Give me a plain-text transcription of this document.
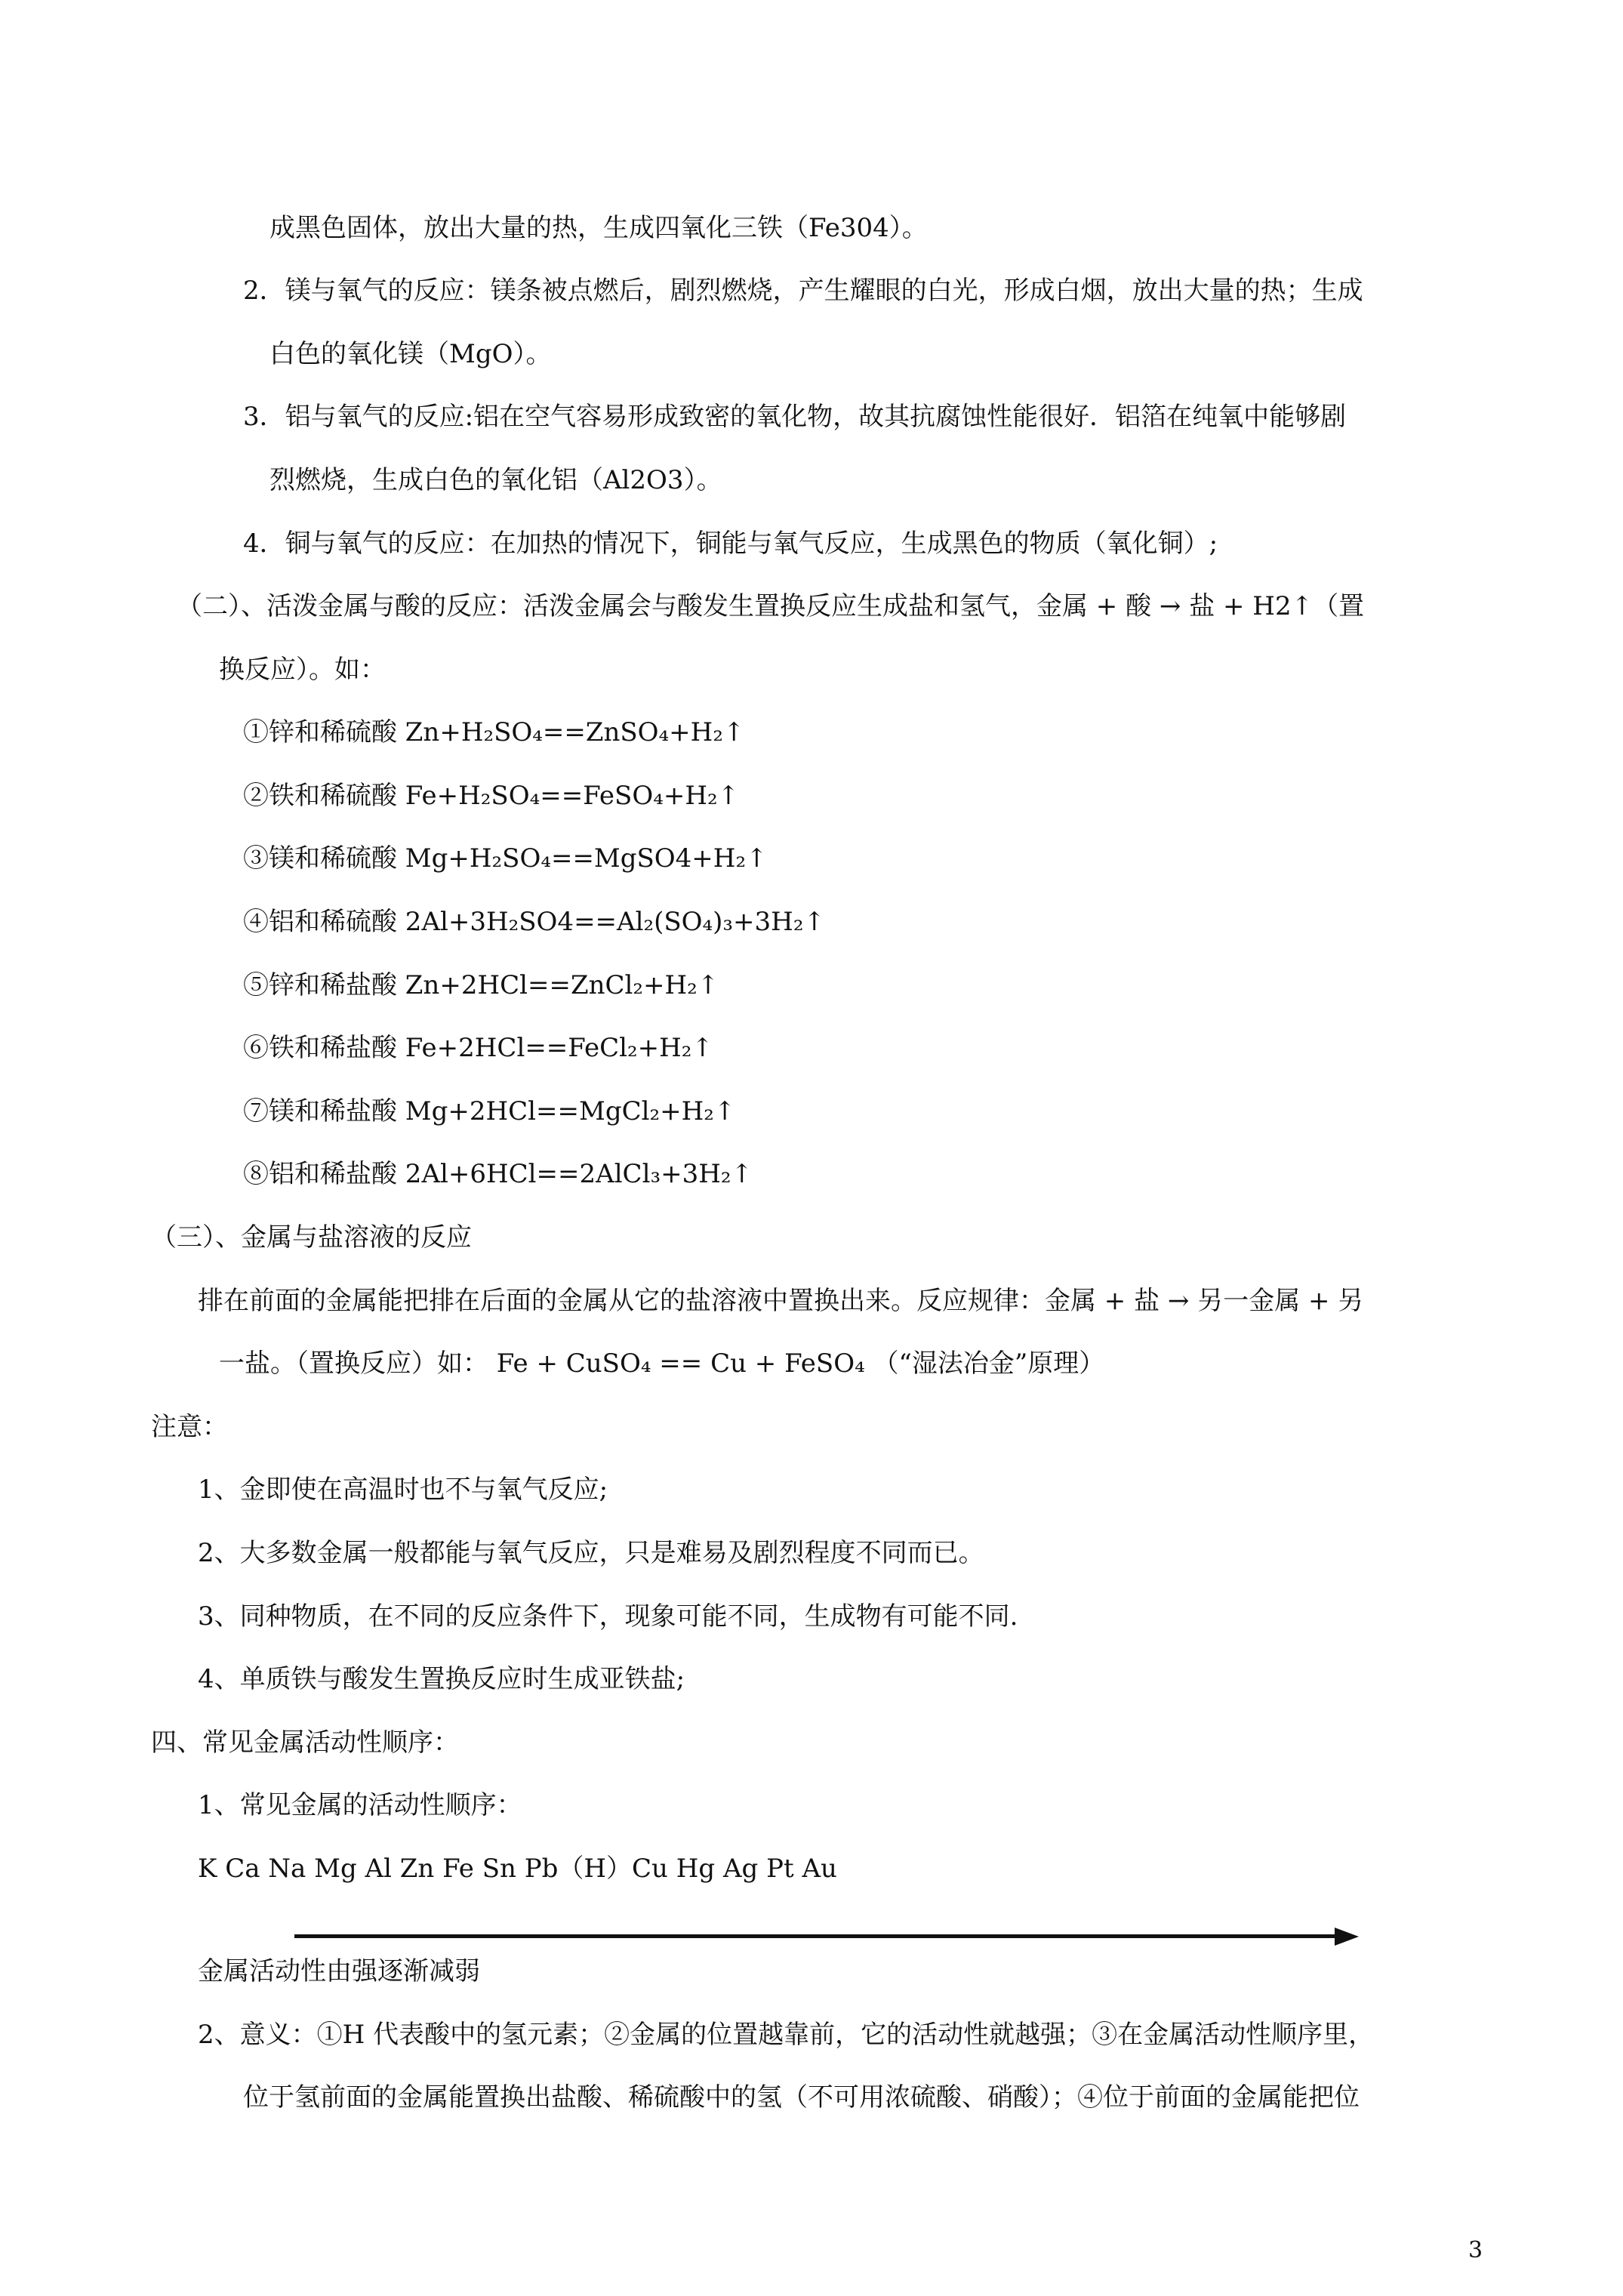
成黑色固体，放出大量的热，生成四氧化三铁（Fe304）。
2．镁与氧气的反应：镁条被点燃后，剧烈燃烧，产生耀眼的白光，形成白烟，放出大量的热；生成
白色的氧化镁（MgO）。
3．铝与氧气的反应:铝在空气容易形成致密的氧化物，故其抗腐蚀性能很好．铝箔在纯氧中能够剧
烈燃烧，生成白色的氧化铝（Al2O3）。
4．铜与氧气的反应：在加热的情况下，铜能与氧气反应，生成黑色的物质（氧化铜）;
（二）、活泼金属与酸的反应：活泼金属会与酸发生置换反应生成盐和氢气，金属 + 酸 → 盐 + H2↑（置
换反应）。如：
①锌和稀硫酸 Zn+H₂SO₄==ZnSO₄+H₂↑
②铁和稀硫酸 Fe+H₂SO₄==FeSO₄+H₂↑
③镁和稀硫酸 Mg+H₂SO₄==MgSO4+H₂↑
④铝和稀硫酸 2Al+3H₂SO4==Al₂(SO₄)₃+3H₂↑
⑤锌和稀盐酸 Zn+2HCl==ZnCl₂+H₂↑
⑥铁和稀盐酸 Fe+2HCl==FeCl₂+H₂↑
⑦镁和稀盐酸 Mg+2HCl==MgCl₂+H₂↑
⑧铝和稀盐酸 2Al+6HCl==2AlCl₃+3H₂↑
（三）、金属与盐溶液的反应
排在前面的金属能把排在后面的金属从它的盐溶液中置换出来。反应规律：金属 + 盐 → 另一金属 + 另
一盐。（置换反应）如： Fe + CuSO₄ == Cu + FeSO₄ （“湿法冶金”原理）
注意：
1、金即使在高温时也不与氧气反应;
2、大多数金属一般都能与氧气反应，只是难易及剧烈程度不同而已。
3、同种物质，在不同的反应条件下，现象可能不同，生成物有可能不同.
4、单质铁与酸发生置换反应时生成亚铁盐;
四、常见金属活动性顺序：
1、常见金属的活动性顺序：
K Ca Na Mg Al Zn Fe Sn Pb（H）Cu Hg Ag Pt Au
金属活动性由强逐渐减弱
2、意义：①H 代表酸中的氢元素；②金属的位置越靠前，它的活动性就越强；③在金属活动性顺序里，
位于氢前面的金属能置换出盐酸、稀硫酸中的氢（不可用浓硫酸、硝酸）；④位于前面的金属能把位
3
